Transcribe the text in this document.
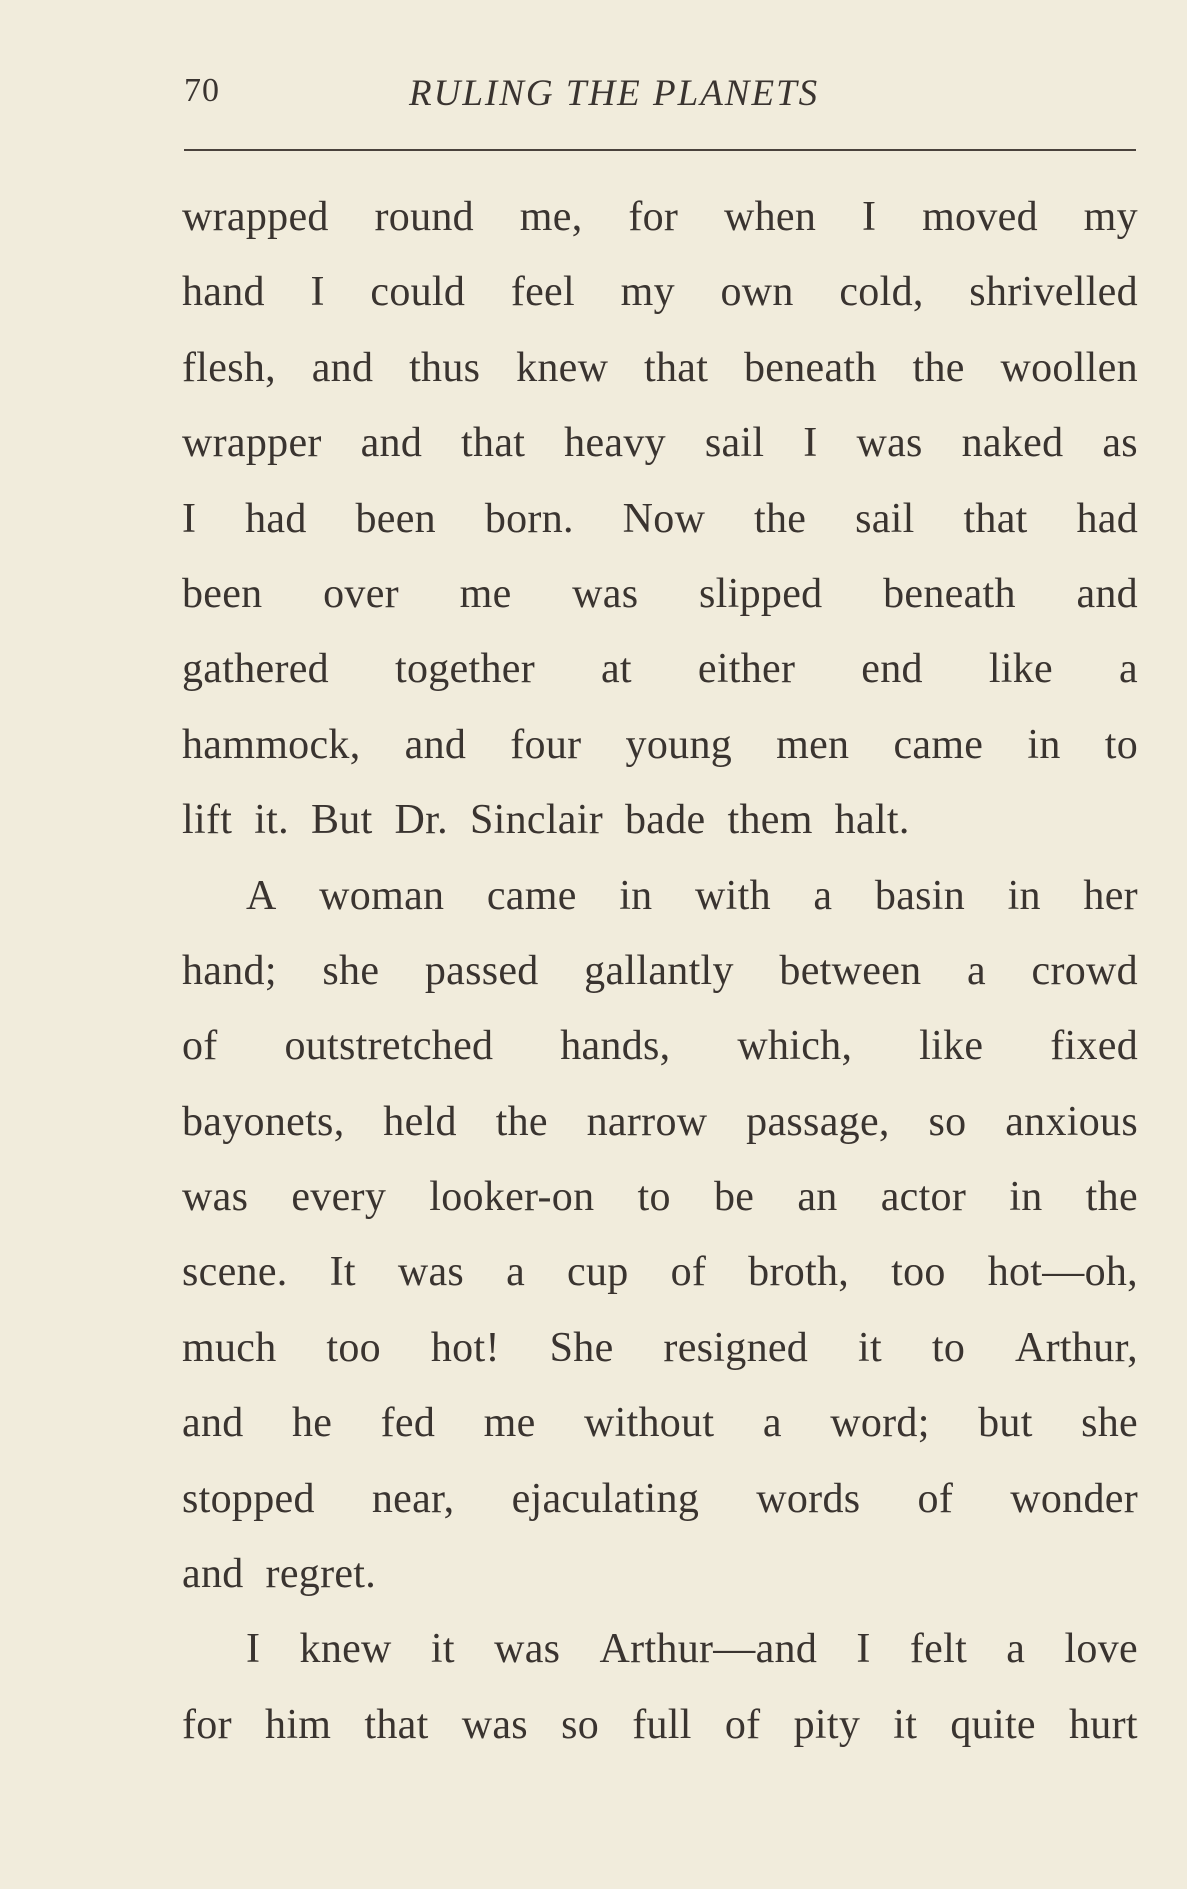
70	RULING THE PLANETS
wrapped round me, for when I moved my
hand I could feel my own cold, shrivelled
flesh, and thus knew that beneath the woollen
wrapper and that heavy sail I was naked as
I had been born. Now the sail that had
been over me was slipped beneath and
gathered together at either end like a
hammock, and four young men came in to
lift it. But Dr. Sinclair bade them halt.
A woman came in with a basin in her
hand; she passed gallantly between a crowd
of outstretched hands, which, like fixed
bayonets, held the narrow passage, so anxious
was every looker-on to be an actor in the
scene. It was a cup of broth, too hot—oh,
much too hot! She resigned it to Arthur,
and he fed me without a word; but she
stopped near, ejaculating words of wonder
and regret.
I knew it was Arthur—and I felt a love
for him that was so full of pity it quite hurt
